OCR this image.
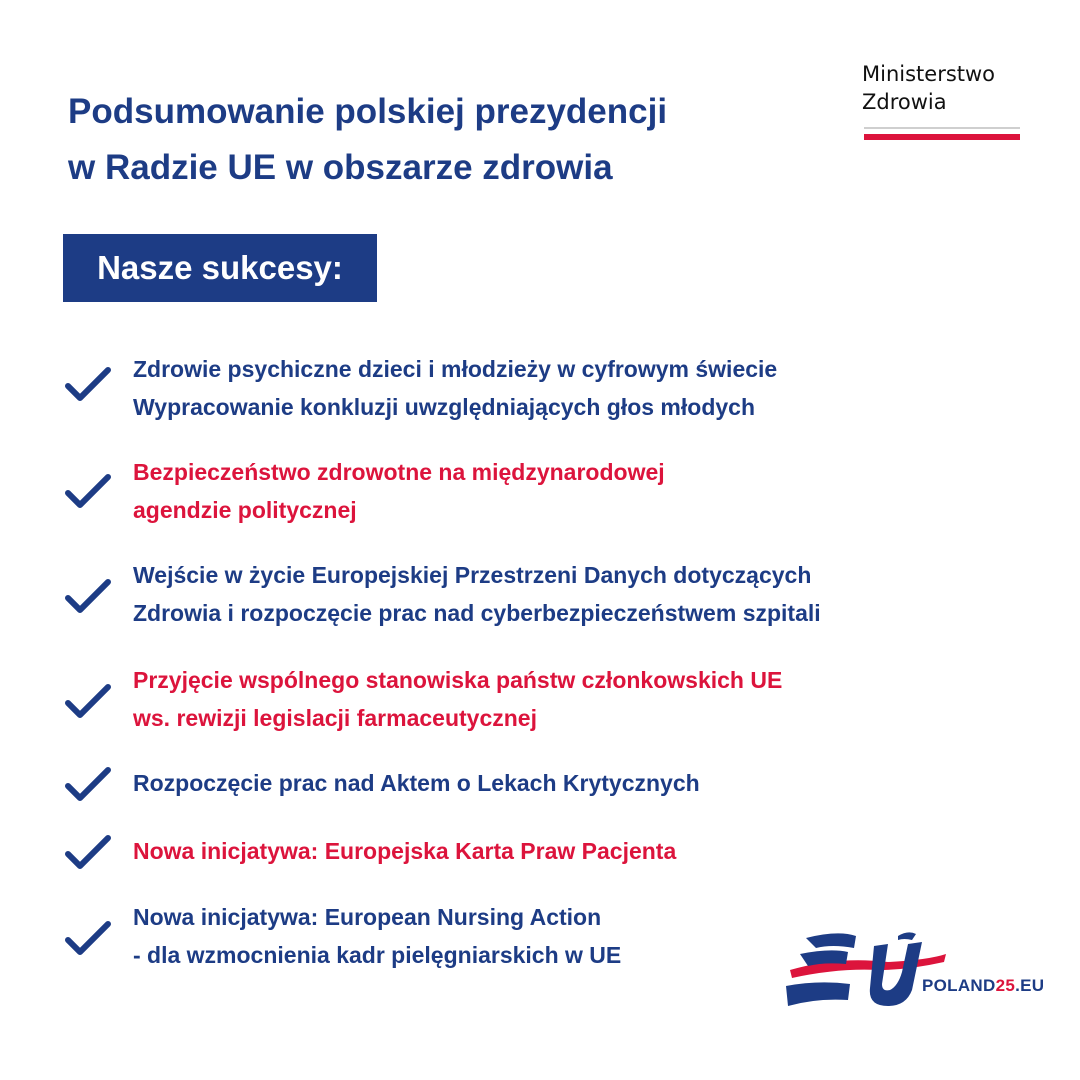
Podsumowanie polskiej prezydencji
w Radzie UE w obszarze zdrowia
Ministerstwo
Zdrowia
Nasze sukcesy:
Zdrowie psychiczne dzieci i młodzieży w cyfrowym świecie
Wypracowanie konkluzji uwzględniających głos młodych
Bezpieczeństwo zdrowotne na międzynarodowej
agendzie politycznej
Wejście w życie Europejskiej Przestrzeni Danych dotyczących
Zdrowia i rozpoczęcie prac nad cyberbezpieczeństwem szpitali
Przyjęcie wspólnego stanowiska państw członkowskich UE
ws. rewizji legislacji farmaceutycznej
Rozpoczęcie prac nad Aktem o Lekach Krytycznych
Nowa inicjatywa: Europejska Karta Praw Pacjenta
Nowa inicjatywa: European Nursing Action
- dla wzmocnienia kadr pielęgniarskich w UE
POLAND25.EU
